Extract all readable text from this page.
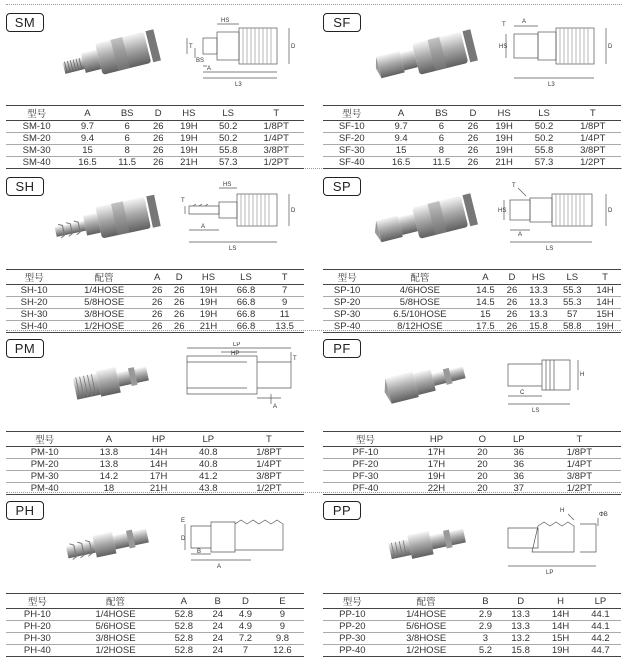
SM	HS
T
BS
A
D
L3
型号	A	BS	D	HS	LS	T
SM-10	9.7	6	26	19H	50.2	1/8PT
SM-20	9.4	6	26	19H	50.2	1/4PT
SM-30	15	8	26	19H	55.8	3/8PT
SM-40	16.5	11.5	26	21H	57.3	1/2PT
SF	A
T
HS	D
L3
型号	A	BS	D	HS	LS	T
SF-10	9.7	6	26	19H	50.2	1/8PT
SF-20	9.4	6	26	19H	50.2	1/4PT
SF-30	15	8	26	19H	55.8	3/8PT
SF-40	16.5	11.5	26	21H	57.3	1/2PT
SH	HS
T
A
D
LS
型号	配管	A	D	HS	LS	T
SH-10	1/4HOSE	26	26	19H	66.8	7
SH-20	5/8HOSE	26	26	19H	66.8	9
SH-30	3/8HOSE	26	26	19H	66.8	11
SH-40	1/2HOSE	26	26	21H	66.8	13.5
SP	T
HS
A
D
LS
型号	配管	A	D	HS	LS	T
SP-10	4/6HOSE	14.5	26	13.3	55.3	14H
SP-20	5/8HOSE	14.5	26	13.3	55.3	14H
SP-30	6.5/10HOSE	15	26	13.3	57	15H
SP-40	8/12HOSE	17.5	26	15.8	58.8	19H
PM	LP
HP
T
A
型号	A	HP	LP	T
PM-10	13.8	14H	40.8	1/8PT
PM-20	13.8	14H	40.8	1/4PT
PM-30	14.2	17H	41.2	3/8PT
PM-40	18	21H	43.8	1/2PT
PF
H
C
LS
型号	HP	O	LP	T
PF-10	17H	20	36	1/8PT
PF-20	17H	20	36	1/4PT
PF-30	19H	20	36	3/8PT
PF-40	22H	20	37	1/2PT
PH
E
D
B
A
型号	配管	A	B	D	E
PH-10	1/4HOSE	52.8	24	4.9	9
PH-20	5/6HOSE	52.8	24	4.9	9
PH-30	3/8HOSE	52.8	24	7.2	9.8
PH-40	1/2HOSE	52.8	24	7	12.6
PP	H
ΦB
LP
型号	配管	B	D	H	LP
PP-10	1/4HOSE	2.9	13.3	14H	44.1
PP-20	5/6HOSE	2.9	13.3	14H	44.1
PP-30	3/8HOSE	3	13.2	15H	44.2
PP-40	1/2HOSE	5.2	15.8	19H	44.7
